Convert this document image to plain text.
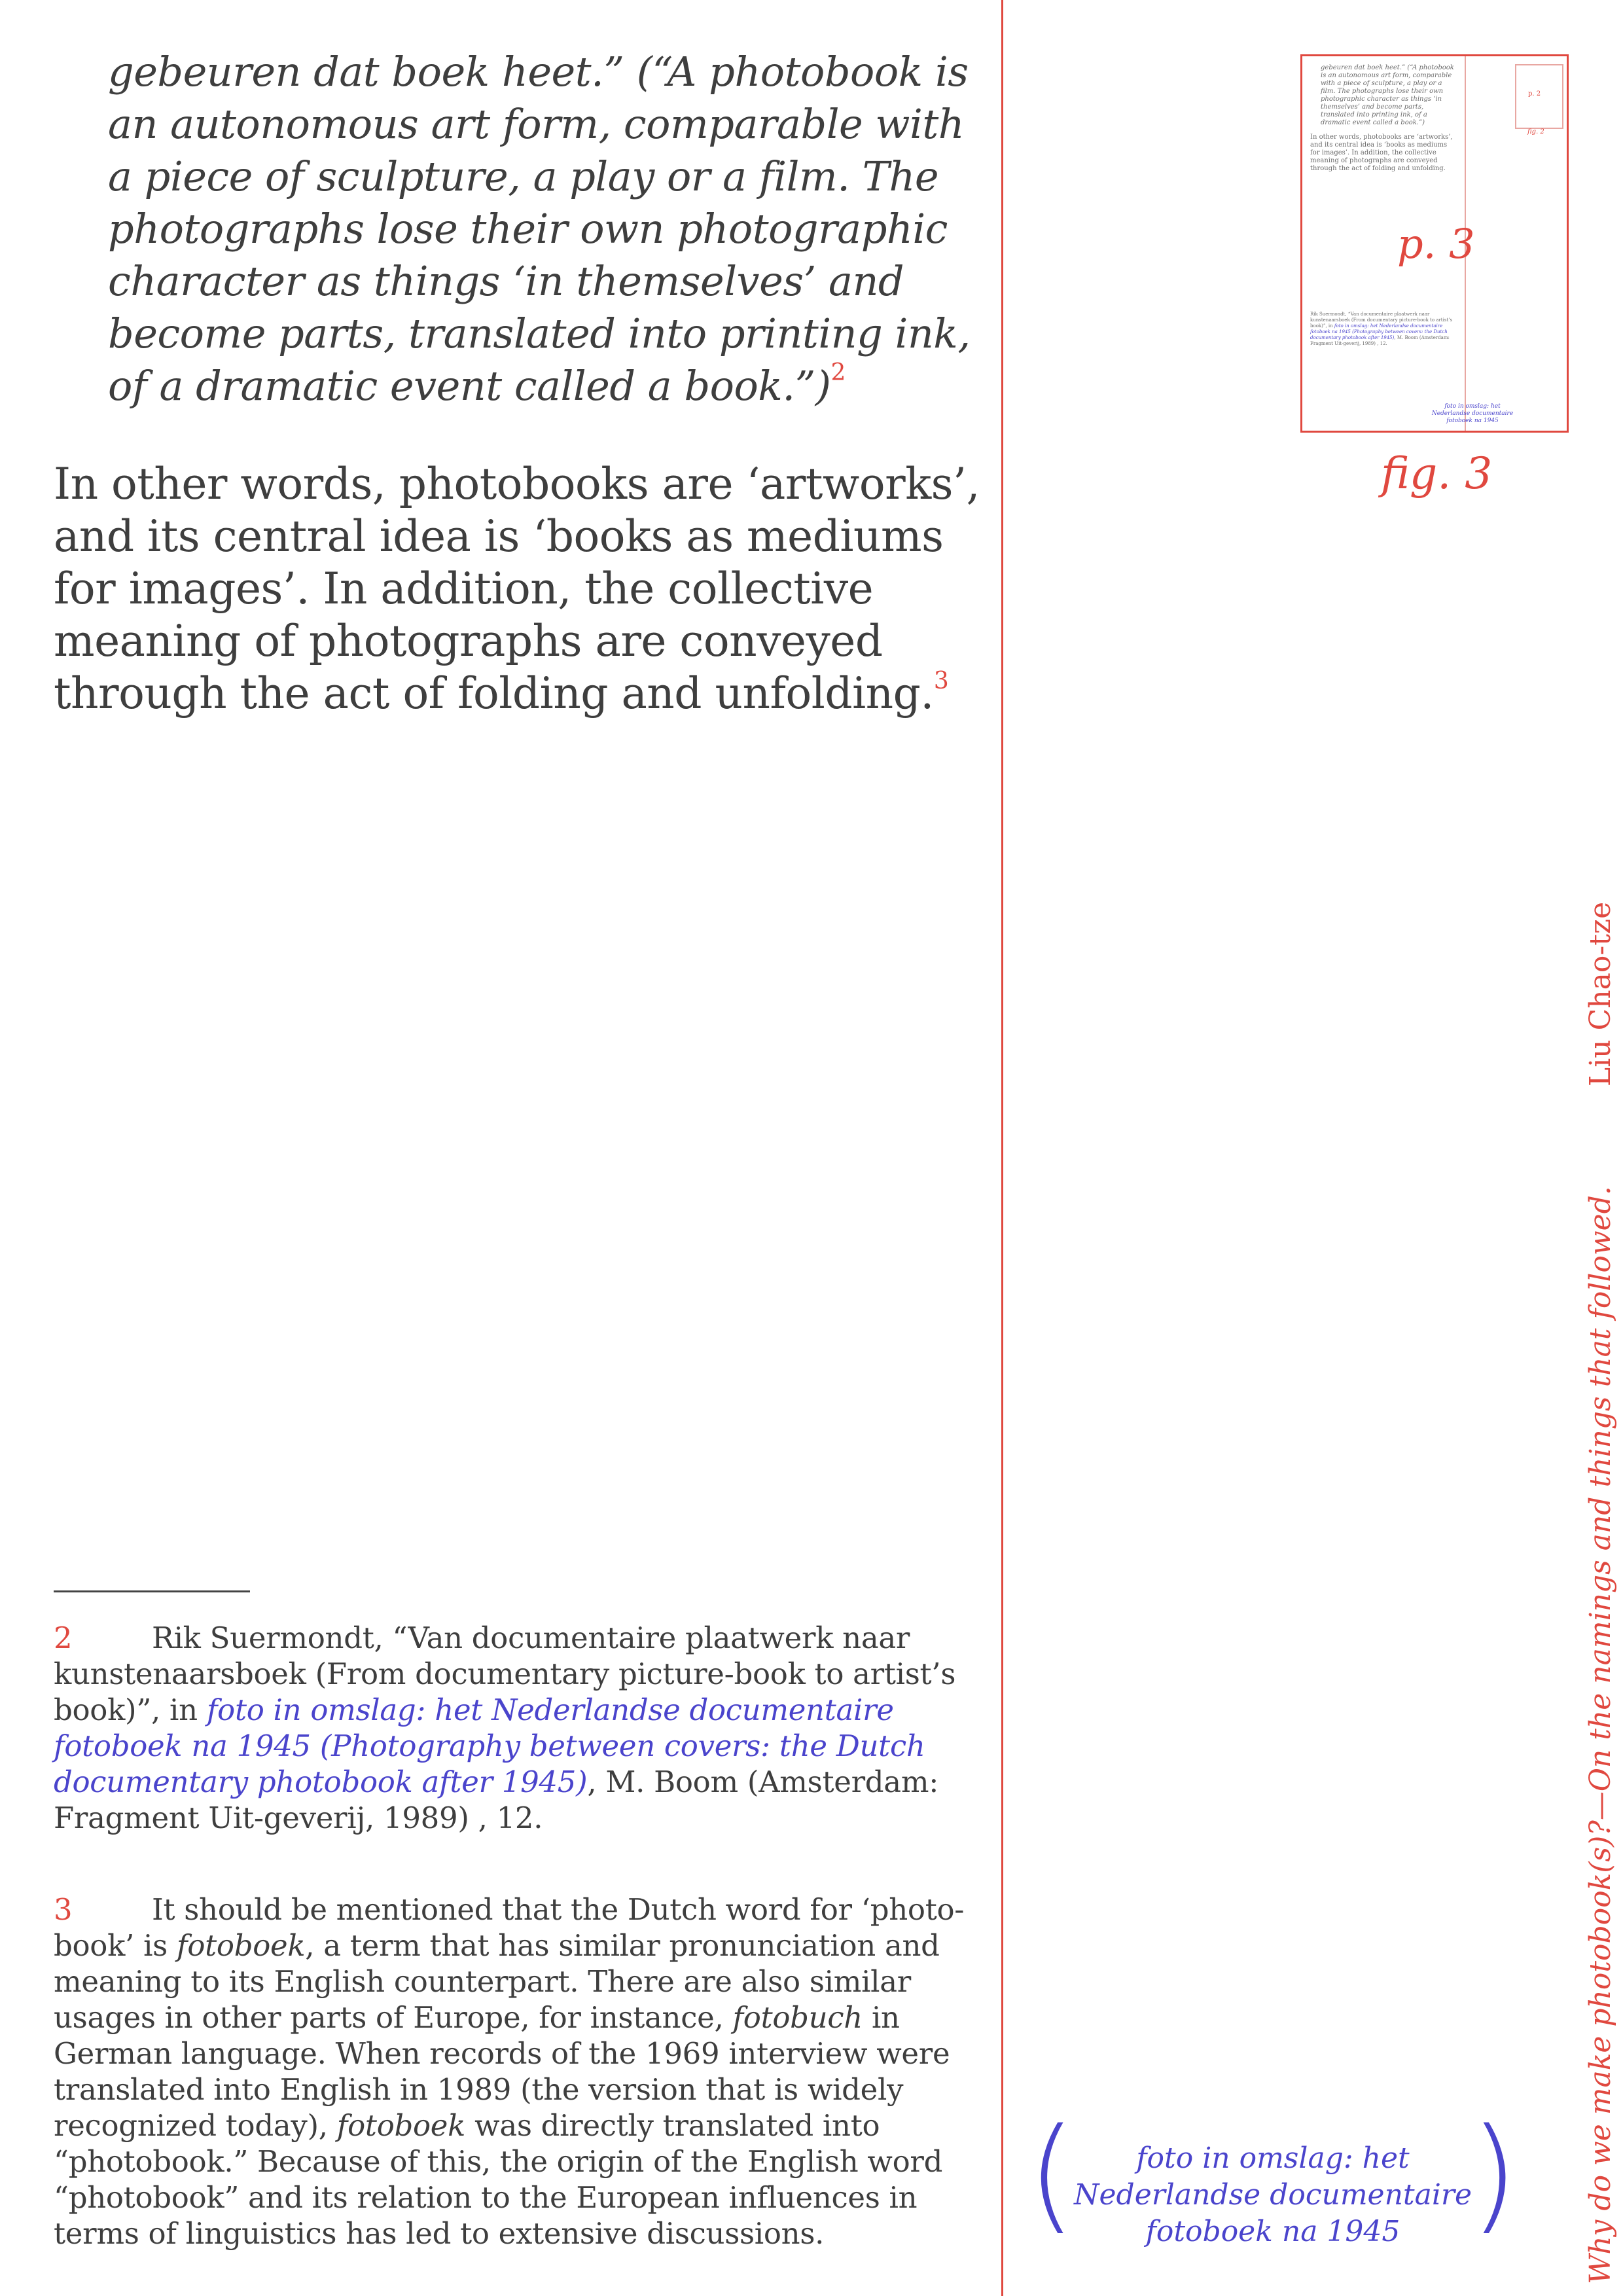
gebeuren dat boek heet.” (“A photobook is an autonomous art form, comparable with a piece of sculpture, a play or a film. The photographs lose their own photographic character as things ‘in themselves’ and become parts, translated into printing ink, of a dramatic event called a book.”)$^2$
In other words, photobooks are ‘artworks’, and its central idea is ‘books as mediums for images’. In addition, the collective meaning of photographs are conveyed through the act of folding and unfolding.$^3$
2	Rik Suermondt, “Van documentaire plaatwerk naar kunstenaarsboek (From documentary picture-book to artist’s book)”, in foto in omslag: het Nederlandse documentaire fotoboek na 1945 (Photography between covers: the Dutch documentary photobook after 1945), M. Boom (Amsterdam: Fragment Uit-geverij, 1989) , 12.
3	It should be mentioned that the Dutch word for ‘photo-book’ is fotoboek, a term that has similar pronunciation and meaning to its English counterpart. There are also similar usages in other parts of Europe, for instance, fotobuch in German language. When records of the 1969 interview were translated into English in 1989 (the version that is widely recognized today), fotoboek was directly translated into “photobook.” Because of this, the origin of the English word “photobook” and its relation to the European influences in terms of linguistics has led to extensive discussions.
p. 2
fig. 2
gebeuren dat boek heet.” (“A photobook is an autonomous art form, comparable with a piece of sculpture, a play or a film. The photographs lose their own photographic character as things ‘in themselves’ and become parts, translated into printing ink, of a dramatic event called a book.”)
In other words, photobooks are ‘artworks’, and its central idea is ‘books as mediums for images’. In addition, the collective meaning of photographs are conveyed through the act of folding and unfolding.
p. 3
Rik Suermondt, “Van documentaire plaatwerk naar kunstenaarsboek (From documentary picture-book to artist’s book)”, in foto in omslag: het Nederlandse documentaire fotoboek na 1945 (Photography between covers: the Dutch documentary photobook after 1945), M. Boom (Amsterdam: Fragment Uit-geverij, 1989) , 12.
foto in omslag: het Nederlandse documentaire fotoboek na 1945	Why do we make photobook(s)?—On the namings and things that followed.
Liu Chao-tze
fig. 3
Why do we make photobook(s)?—On the namings and things that followed.
Liu Chao-tze
(	foto in omslag: het Nederlandse documentaire fotoboek na 1945 )
